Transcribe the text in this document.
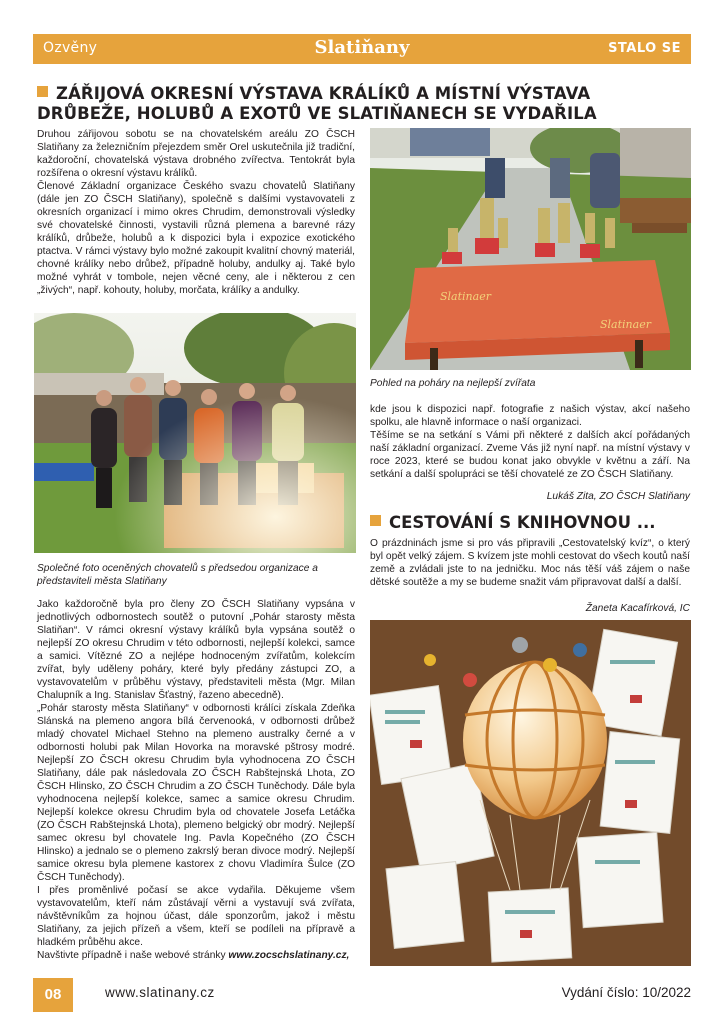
Ozvěny	Slatiňany	STALO SE
ZÁŘIJOVÁ OKRESNÍ VÝSTAVA KRÁLÍKŮ A MÍSTNÍ VÝSTAVA DRŮBEŽE, HOLUBŮ A EXOTŮ VE SLATIŇANECH SE VYDAŘILA

Druhou zářijovou sobotu se na chovatelském areálu ZO ČSCH Slatiňany za železničním přejezdem směr Orel uskutečnila již tradiční, každoroční, chovatelská výstava drobného zvířectva. Tentokrát byla rozšířena o okresní výstavu králíků.

Členové Základní organizace Českého svazu chovatelů Slatiňany (dále jen ZO ČSCH Slatiňany), společně s dalšími vystavovateli z okresních organizací i mimo okres Chrudim, demonstrovali výsledky své chovatelské činnosti, vystavili různá plemena a barevné rázy králíků, drůbeže, holubů a k dispozici byla i expozice exotického ptactva. V rámci výstavy bylo možné zakoupit kvalitní chovný materiál, chovné králíky nebo drůbež, případně holuby, andulky aj. Také bylo možné vyhrát v tombole, nejen věcné ceny, ale i některou z cen „živých“, např. kohouty, holuby, morčata, králíky a andulky.

Společné foto oceněných chovatelů s předsedou organizace a představiteli města Slatiňany

Jako každoročně byla pro členy ZO ČSCH Slatiňany vypsána v jednotlivých odbornostech soutěž o putovní „Pohár starosty města Slatiňan“. V rámci okresní výstavy králíků byla vypsána soutěž o nejlepší ZO okresu Chrudim v této odbornosti, nejlepší kolekci, samce a samici. Vítězné ZO a nejlépe hodnoceným zvířatům, kolekcím zvířat, byly uděleny poháry, které byly předány zástupci ZO, a vystavovatelům v průběhu výstavy, představiteli města (Mgr. Milan Chalupník a Ing. Stanislav Šťastný, řazeno abecedně).

„Pohár starosty města Slatiňany“ v odbornosti králíci získala Zdeňka Slánská na plemeno angora bílá červenooká, v odbornosti drůbež mladý chovatel Michael Stehno na plemeno australky černé a v odbornosti holubi pak Milan Hovorka na moravské pštrosy modré. Nejlepší ZO ČSCH okresu Chrudim byla vyhodnocena ZO ČSCH Slatiňany, dále pak následovala ZO ČSCH Rabštejnská Lhota, ZO ČSCH Hlinsko, ZO ČSCH Chrudim a ZO ČSCH Tuněchody. Dále byla vyhodnocena nejlepší kolekce, samec a samice okresu Chrudim. Nejlepší kolekce okresu Chrudim byla od chovatele Josefa Letáčka (ZO ČSCH Rabštejnská Lhota), plemeno belgický obr modrý. Nejlepší samec okresu byl chovatele Ing. Pavla Kopečného (ZO ČSCH Hlinsko) a jednalo se o plemeno zakrslý beran divoce modrý. Nejlepší samice okresu byla plemene kastorex z chovu Vladimíra Šulce (ZO ČSCH Tuněchody).

I přes proměnlivé počasí se akce vydařila. Děkujeme všem vystavovatelům, kteří nám zůstávají věrni a vystavují svá zvířata, návštěvníkům za hojnou účast, dále sponzorům, jakož i městu Slatiňany, za jejich přízeň a všem, kteří se podíleli na přípravě a hladkém průběhu akce.

Navštivte případně i naše webové stránky www.zocschslatinany.cz,

Slatinaer
Slatinaer
Pohled na poháry na nejlepší zvířata

kde jsou k dispozici např. fotografie z našich výstav, akcí našeho spolku, ale hlavně informace o naší organizaci.

Těšíme se na setkání s Vámi při některé z dalších akcí pořádaných naší základní organizací. Zveme Vás již nyní např. na místní výstavy v roce 2023, které se budou konat jako obvykle v květnu a září. Na setkání a další spolupráci se těší chovatelé ze ZO ČSCH Slatiňany.

Lukáš Zita, ZO ČSCH Slatiňany
CESTOVÁNÍ S KNIHOVNOU ...
O prázdninách jsme si pro vás připravili „Cestovatelský kvíz“, o který byl opět velký zájem. S kvízem jste mohli cestovat do všech koutů naší země a zvládali jste to na jedničku. Moc nás těší váš zájem o naše dětské soutěže a my se budeme snažit vám připravovat další a další.
Žaneta Kacafírková, IC
08	www.slatinany.cz	Vydání číslo: 10/2022
